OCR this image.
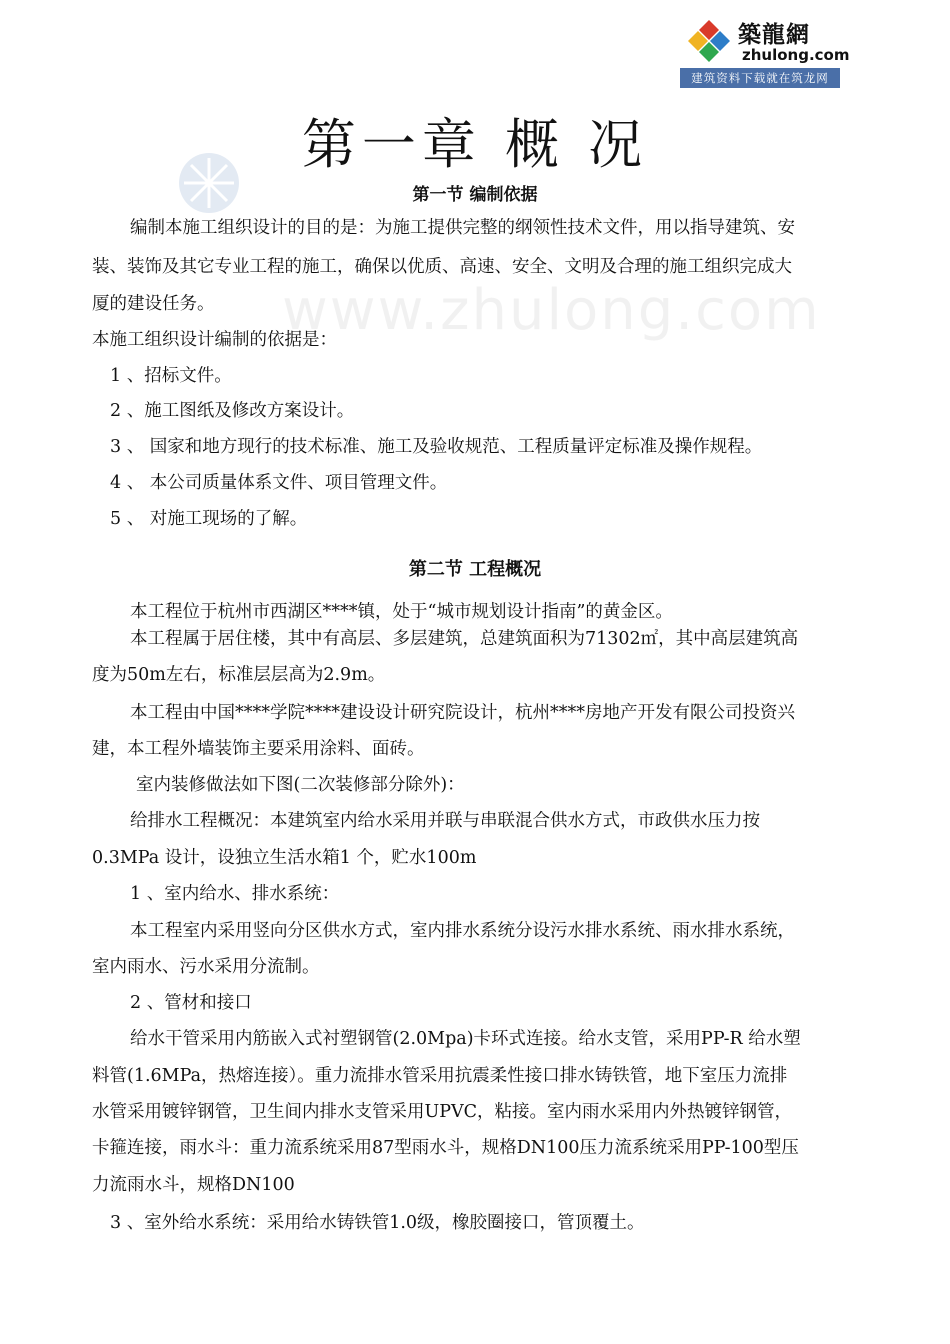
築龍網
zhulong.com
建筑资料下载就在筑龙网
www.zhulong.com
第一章 概 况
第一节 编制依据
编制本施工组织设计的目的是：为施工提供完整的纲领性技术文件，用以指导建筑、安
装、装饰及其它专业工程的施工，确保以优质、高速、安全、文明及合理的施工组织完成大
厦的建设任务。
本施工组织设计编制的依据是：
1 、招标文件。
2 、施工图纸及修改方案设计。
3 、 国家和地方现行的技术标准、施工及验收规范、工程质量评定标准及操作规程。
4 、 本公司质量体系文件、项目管理文件。
5 、 对施工现场的了解。
第二节 工程概况
本工程位于杭州市西湖区****镇，处于“城市规划设计指南”的黄金区。
本工程属于居住楼，其中有高层、多层建筑，总建筑面积为71302㎡，其中高层建筑高
度为50m左右，标准层层高为2.9m。
本工程由中国****学院****建设设计研究院设计，杭州****房地产开发有限公司投资兴
建，本工程外墙装饰主要采用涂料、面砖。
室内装修做法如下图(二次装修部分除外)：
给排水工程概况：本建筑室内给水采用并联与串联混合供水方式，市政供水压力按
0.3MPa 设计，设独立生活水箱1 个，贮水100m
1 、室内给水、排水系统：
本工程室内采用竖向分区供水方式，室内排水系统分设污水排水系统、雨水排水系统，
室内雨水、污水采用分流制。
2 、管材和接口
给水干管采用内筋嵌入式衬塑钢管(2.0Mpa)卡环式连接。给水支管，采用PP-R 给水塑
料管(1.6MPa，热熔连接）。重力流排水管采用抗震柔性接口排水铸铁管，地下室压力流排
水管采用镀锌钢管，卫生间内排水支管采用UPVC，粘接。室内雨水采用内外热镀锌钢管，
卡箍连接，雨水斗：重力流系统采用87型雨水斗，规格DN100压力流系统采用PP-100型压
力流雨水斗，规格DN100
3 、室外给水系统：采用给水铸铁管1.0级，橡胶圈接口，管顶覆土。
